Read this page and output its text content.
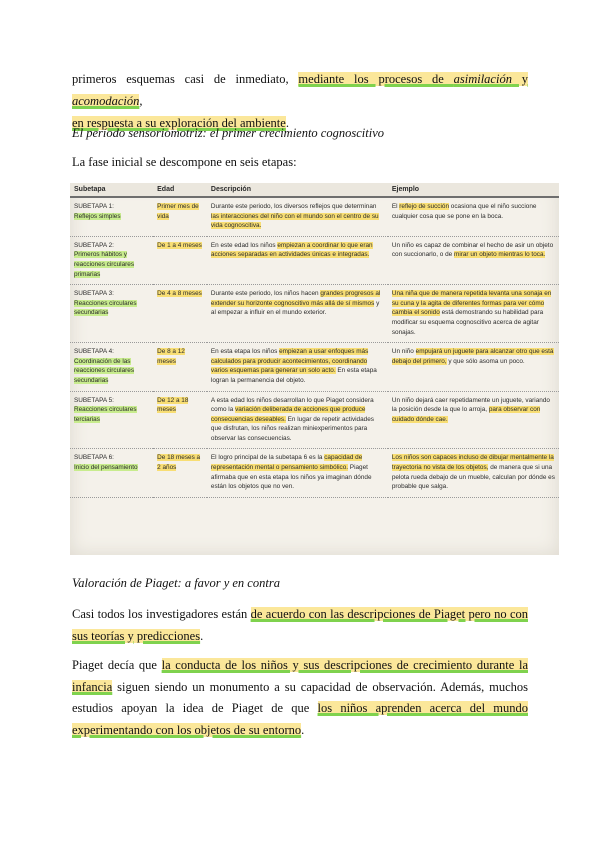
primeros esquemas casi de inmediato, mediante los procesos de asimilación y acomodación,
en respuesta a su exploración del ambiente.

El período sensoriomotriz: el primer crecimiento cognoscitivo

La fase inicial se descompone en seis etapas:

Subetapa	Edad	Descripción	Ejemplo

SUBETAPA 1:
Reflejos simples	Primer mes de vida	Durante este periodo, los diversos reflejos que determinan las interacciones del niño con el mundo son el centro de su vida cognoscitiva.	El reflejo de succión ocasiona que el niño succione cualquier cosa que se pone en la boca.

SUBETAPA 2:
Primeros hábitos y reacciones circulares primarias	De 1 a 4 meses	En este edad los niños empiezan a coordinar lo que eran acciones separadas en actividades únicas e integradas.	Un niño es capaz de combinar el hecho de asir un objeto con succionarlo, o de mirar un objeto mientras lo toca.

SUBETAPA 3:
Reacciones circulares secundarias	De 4 a 8 meses	Durante este periodo, los niños hacen grandes progresos al extender su horizonte cognoscitivo más allá de sí mismos y al empezar a influir en el mundo exterior.	Una niña que de manera repetida levanta una sonaja en su cuna y la agita de diferentes formas para ver cómo cambia el sonido está demostrando su habilidad para modificar su esquema cognoscitivo acerca de agitar sonajas.

SUBETAPA 4:
Coordinación de las reacciones circulares secundarias	De 8 a 12 meses	En esta etapa los niños empiezan a usar enfoques más calculados para producir acontecimientos, coordinando varios esquemas para generar un solo acto. En esta etapa logran la permanencia del objeto.	Un niño empujará un juguete para alcanzar otro que está debajo del primero, y que sólo asoma un poco.

SUBETAPA 5:
Reacciones circulares terciarias	De 12 a 18 meses	A esta edad los niños desarrollan lo que Piaget considera como la variación deliberada de acciones que produce consecuencias deseables. En lugar de repetir actividades que disfrutan, los niños realizan miniexperimentos para observar las consecuencias.	Un niño dejará caer repetidamente un juguete, variando la posición desde la que lo arroja, para observar con cuidado dónde cae.

SUBETAPA 6:
Inicio del pensamiento	De 18 meses a 2 años	El logro principal de la subetapa 6 es la capacidad de representación mental o pensamiento simbólico. Piaget afirmaba que en esta etapa los niños ya imaginan dónde están los objetos que no ven.	Los niños son capaces incluso de dibujar mentalmente la trayectoria no vista de los objetos, de manera que si una pelota rueda debajo de un mueble, calculan por dónde es probable que salga.

Valoración de Piaget: a favor y en contra

Casi todos los investigadores están de acuerdo con las descripciones de Piaget pero no con sus teorías y predicciones.

Piaget decía que la conducta de los niños y sus descripciones de crecimiento durante la infancia siguen siendo un monumento a su capacidad de observación. Además, muchos estudios apoyan la idea de Piaget de que los niños aprenden acerca del mundo experimentando con los objetos de su entorno.
